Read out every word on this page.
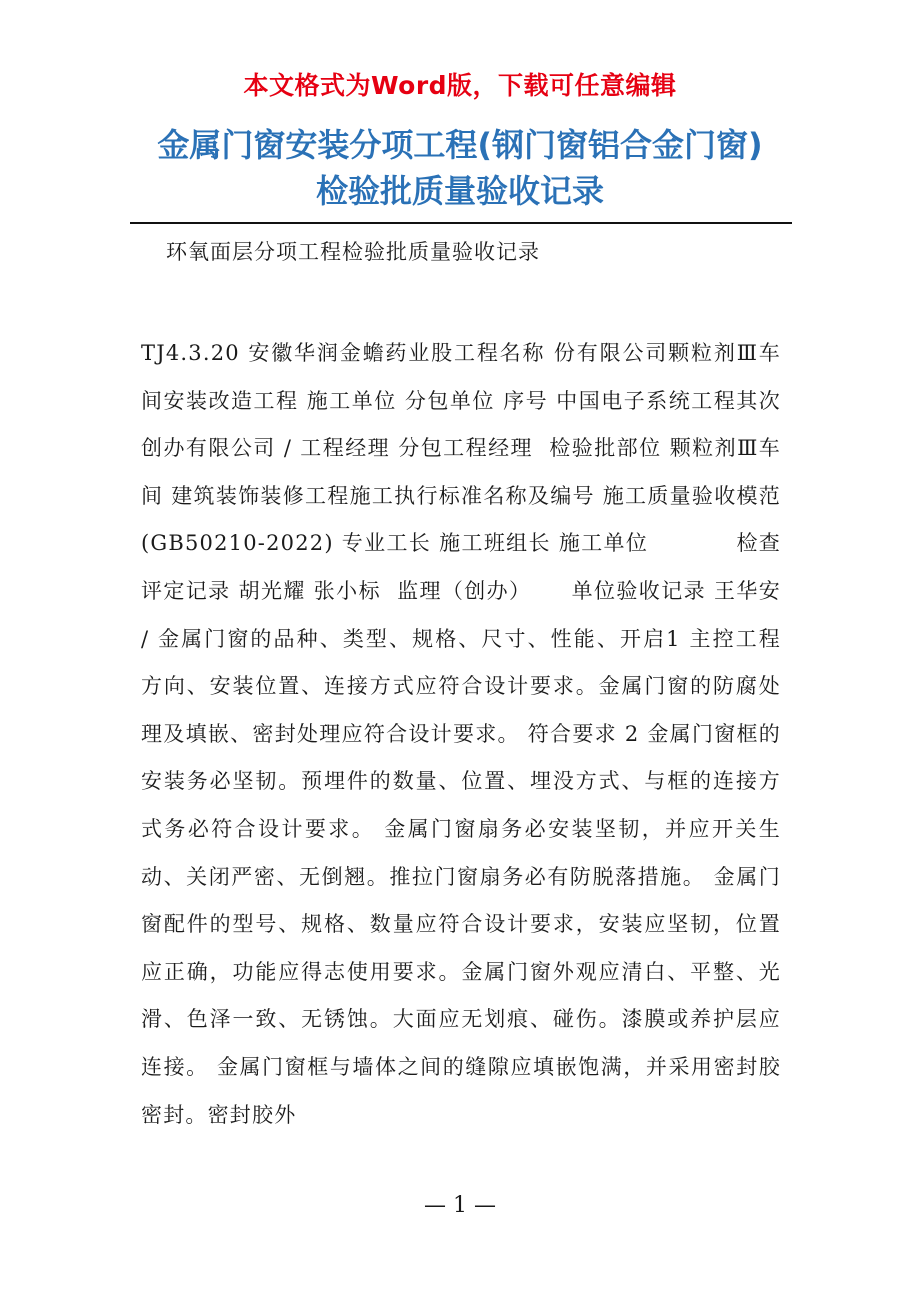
本文格式为Word版，下载可任意编辑
金属门窗安装分项工程(钢门窗铝合金门窗)
检验批质量验收记录
环氧面层分项工程检验批质量验收记录
TJ4.3.20 安徽华润金蟾药业股工程名称 份有限公司颗粒剂Ⅲ车间安装改造工程 施工单位 分包单位 序号 中国电子系统工程其次创办有限公司 / 工程经理 分包工程经理  检验批部位 颗粒剂Ⅲ车间 建筑装饰装修工程施工执行标准名称及编号 施工质量验收模范(GB50210-2022) 专业工长 施工班组长 施工单位           检查评定记录 胡光耀 张小标  监理（创办）     单位验收记录 王华安 / 金属门窗的品种、类型、规格、尺寸、性能、开启1 主控工程 方向、安装位置、连接方式应符合设计要求。金属门窗的防腐处理及填嵌、密封处理应符合设计要求。 符合要求 2 金属门窗框的安装务必坚韧。预埋件的数量、位置、埋没方式、与框的连接方式务必符合设计要求。 金属门窗扇务必安装坚韧，并应开关生动、关闭严密、无倒翘。推拉门窗扇务必有防脱落措施。 金属门窗配件的型号、规格、数量应符合设计要求，安装应坚韧，位置应正确，功能应得志使用要求。金属门窗外观应清白、平整、光滑、色泽一致、无锈蚀。大面应无划痕、碰伤。漆膜或养护层应连接。 金属门窗框与墙体之间的缝隙应填嵌饱满，并采用密封胶密封。密封胶外
— 1 —
